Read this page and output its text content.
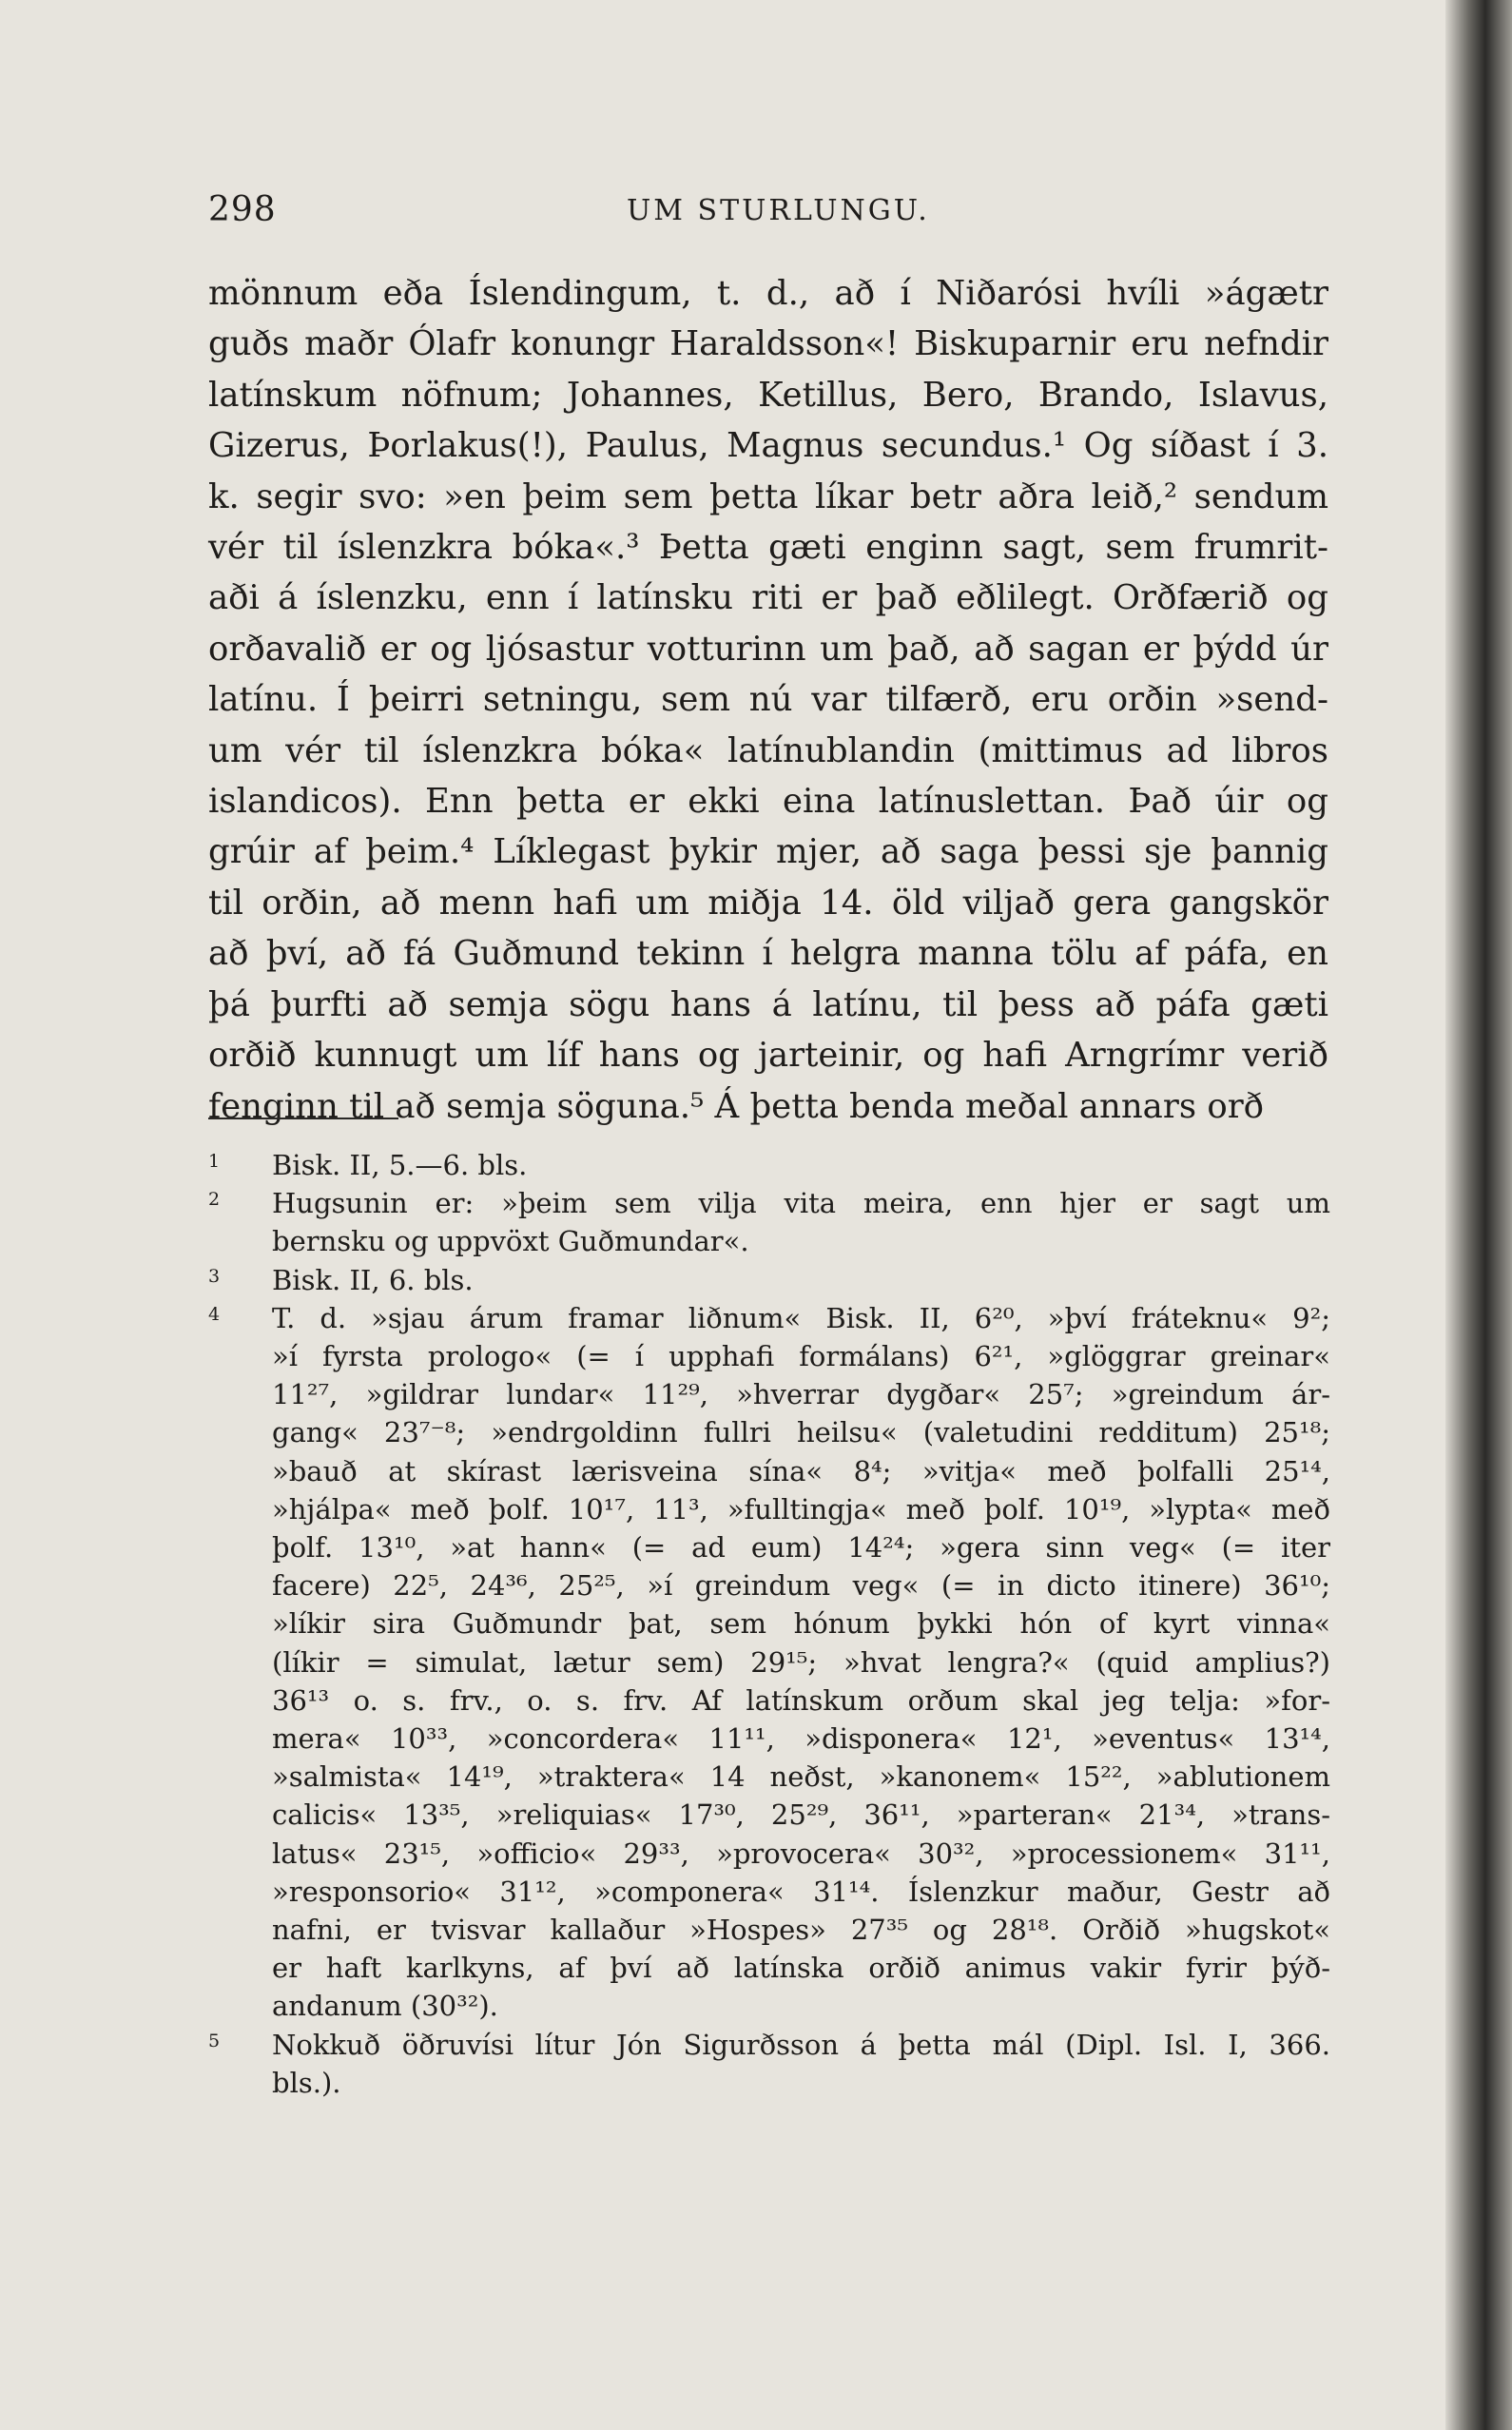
298	UM STURLUNGU.
mönnum eða Íslendingum, t. d., að í Niðarósi hvíli »ágætr
guðs maðr Ólafr konungr Haraldsson«! Biskuparnir eru nefndir
latínskum nöfnum; Johannes, Ketillus, Bero, Brando, Islavus,
Gizerus, Þorlakus(!), Paulus, Magnus secundus.¹ Og síðast í 3.
k. segir svo: »en þeim sem þetta líkar betr aðra leið,² sendum
vér til íslenzkra bóka«.³ Þetta gæti enginn sagt, sem frumrit-
aði á íslenzku, enn í latínsku riti er það eðlilegt. Orðfærið og
orðavalið er og ljósastur votturinn um það, að sagan er þýdd úr
latínu. Í þeirri setningu, sem nú var tilfærð, eru orðin »send-
um vér til íslenzkra bóka« latínublandin (mittimus ad libros
islandicos). Enn þetta er ekki eina latínuslettan. Það úir og
grúir af þeim.⁴ Líklegast þykir mjer, að saga þessi sje þannig
til orðin, að menn hafi um miðja 14. öld viljað gera gangskör
að því, að fá Guðmund tekinn í helgra manna tölu af páfa, en
þá þurfti að semja sögu hans á latínu, til þess að páfa gæti
orðið kunnugt um líf hans og jarteinir, og hafi Arngrímr verið
fenginn til að semja söguna.⁵ Á þetta benda meðal annars orð
1 Bisk. II, 5.—6. bls.
2 Hugsunin er: »þeim sem vilja vita meira, enn hjer er sagt um
bernsku og uppvöxt Guðmundar«.
3 Bisk. II, 6. bls.
4 T. d. »sjau árum framar liðnum« Bisk. II, 6²⁰, »því fráteknu« 9²;
»í fyrsta prologo« (= í upphafi formálans) 6²¹, »glöggrar greinar«
11²⁷, »gildrar lundar« 11²⁹, »hverrar dygðar« 25⁷; »greindum ár-
gang« 23⁷⁻⁸; »endrgoldinn fullri heilsu« (valetudini redditum) 25¹⁸;
»bauð at skírast lærisveina sína« 8⁴; »vitja« með þolfalli 25¹⁴,
»hjálpa« með þolf. 10¹⁷, 11³, »fulltingja« með þolf. 10¹⁹, »lypta« með
þolf. 13¹⁰, »at hann« (= ad eum) 14²⁴; »gera sinn veg« (= iter
facere) 22⁵, 24³⁶, 25²⁵, »í greindum veg« (= in dicto itinere) 36¹⁰;
»líkir sira Guðmundr þat, sem hónum þykki hón of kyrt vinna«
(líkir = simulat, lætur sem) 29¹⁵; »hvat lengra?« (quid amplius?)
36¹³ o. s. frv., o. s. frv. Af latínskum orðum skal jeg telja: »for-
mera« 10³³, »concordera« 11¹¹, »disponera« 12¹, »eventus« 13¹⁴,
»salmista« 14¹⁹, »traktera« 14 neðst, »kanonem« 15²², »ablutionem
calicis« 13³⁵, »reliquias« 17³⁰, 25²⁹, 36¹¹, »parteran« 21³⁴, »trans-
latus« 23¹⁵, »officio« 29³³, »provocera« 30³², »processionem« 31¹¹,
»responsorio« 31¹², »componera« 31¹⁴. Íslenzkur maður, Gestr að
nafni, er tvisvar kallaður »Hospes» 27³⁵ og 28¹⁸. Orðið »hugskot«
er haft karlkyns, af því að latínska orðið animus vakir fyrir þýð-
andanum (30³²).
5 Nokkuð öðruvísi lítur Jón Sigurðsson á þetta mál (Dipl. Isl. I, 366.
bls.).
